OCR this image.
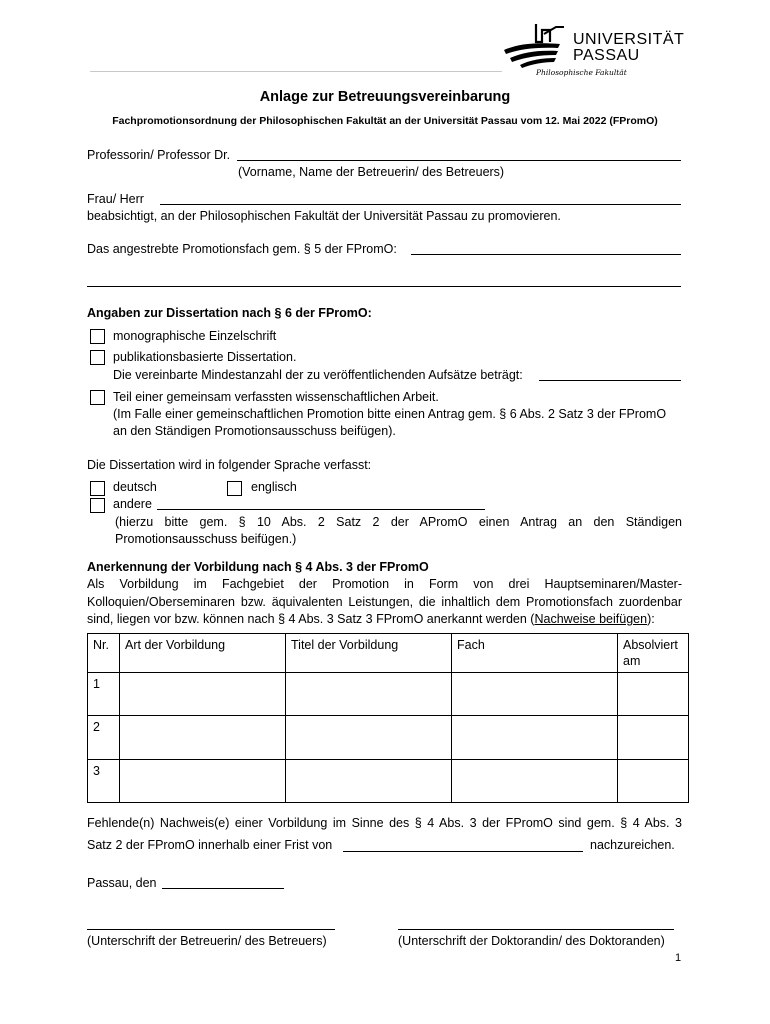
UNIVERSITÄT
PASSAU
Philosophische Fakultät
Anlage zur Betreuungsvereinbarung
Fachpromotionsordnung der Philosophischen Fakultät an der Universität Passau vom 12. Mai 2022 (FPromO)
Professorin/ Professor Dr.
(Vorname, Name der Betreuerin/ des Betreuers)
Frau/ Herr
beabsichtigt, an der Philosophischen Fakultät der Universität Passau zu promovieren.
Das angestrebte Promotionsfach gem. § 5 der FPromO:
Angaben zur Dissertation nach § 6 der FPromO:
monographische Einzelschrift
publikationsbasierte Dissertation.
Die vereinbarte Mindestanzahl der zu veröffentlichenden Aufsätze beträgt:
Teil einer gemeinsam verfassten wissenschaftlichen Arbeit.
(Im Falle einer gemeinschaftlichen Promotion bitte einen Antrag gem. § 6 Abs. 2 Satz 3 der FPromO
an den Ständigen Promotionsausschuss beifügen).
Die Dissertation wird in folgender Sprache verfasst:
deutsch	englisch
andere
(hierzu bitte gem. § 10 Abs. 2 Satz 2 der APromO einen Antrag an den Ständigen
Promotionsausschuss beifügen.)
Anerkennung der Vorbildung nach § 4 Abs. 3 der FPromO
Als Vorbildung im Fachgebiet der Promotion in Form von drei Hauptseminaren/Master-
Kolloquien/Oberseminaren bzw. äquivalenten Leistungen, die inhaltlich dem Promotionsfach zuordenbar
sind, liegen vor bzw. können nach § 4 Abs. 3 Satz 3 FPromO anerkannt werden (Nachweise beifügen):
Nr.	Art der Vorbildung	Titel der Vorbildung	Fach	Absolviert am
1				
2				
3				
Fehlende(n) Nachweis(e) einer Vorbildung im Sinne des § 4 Abs. 3 der FPromO sind gem. § 4 Abs. 3
Satz 2 der FPromO innerhalb einer Frist von	nachzureichen.
Passau, den
(Unterschrift der Betreuerin/ des Betreuers)	(Unterschrift der Doktorandin/ des Doktoranden)
1
